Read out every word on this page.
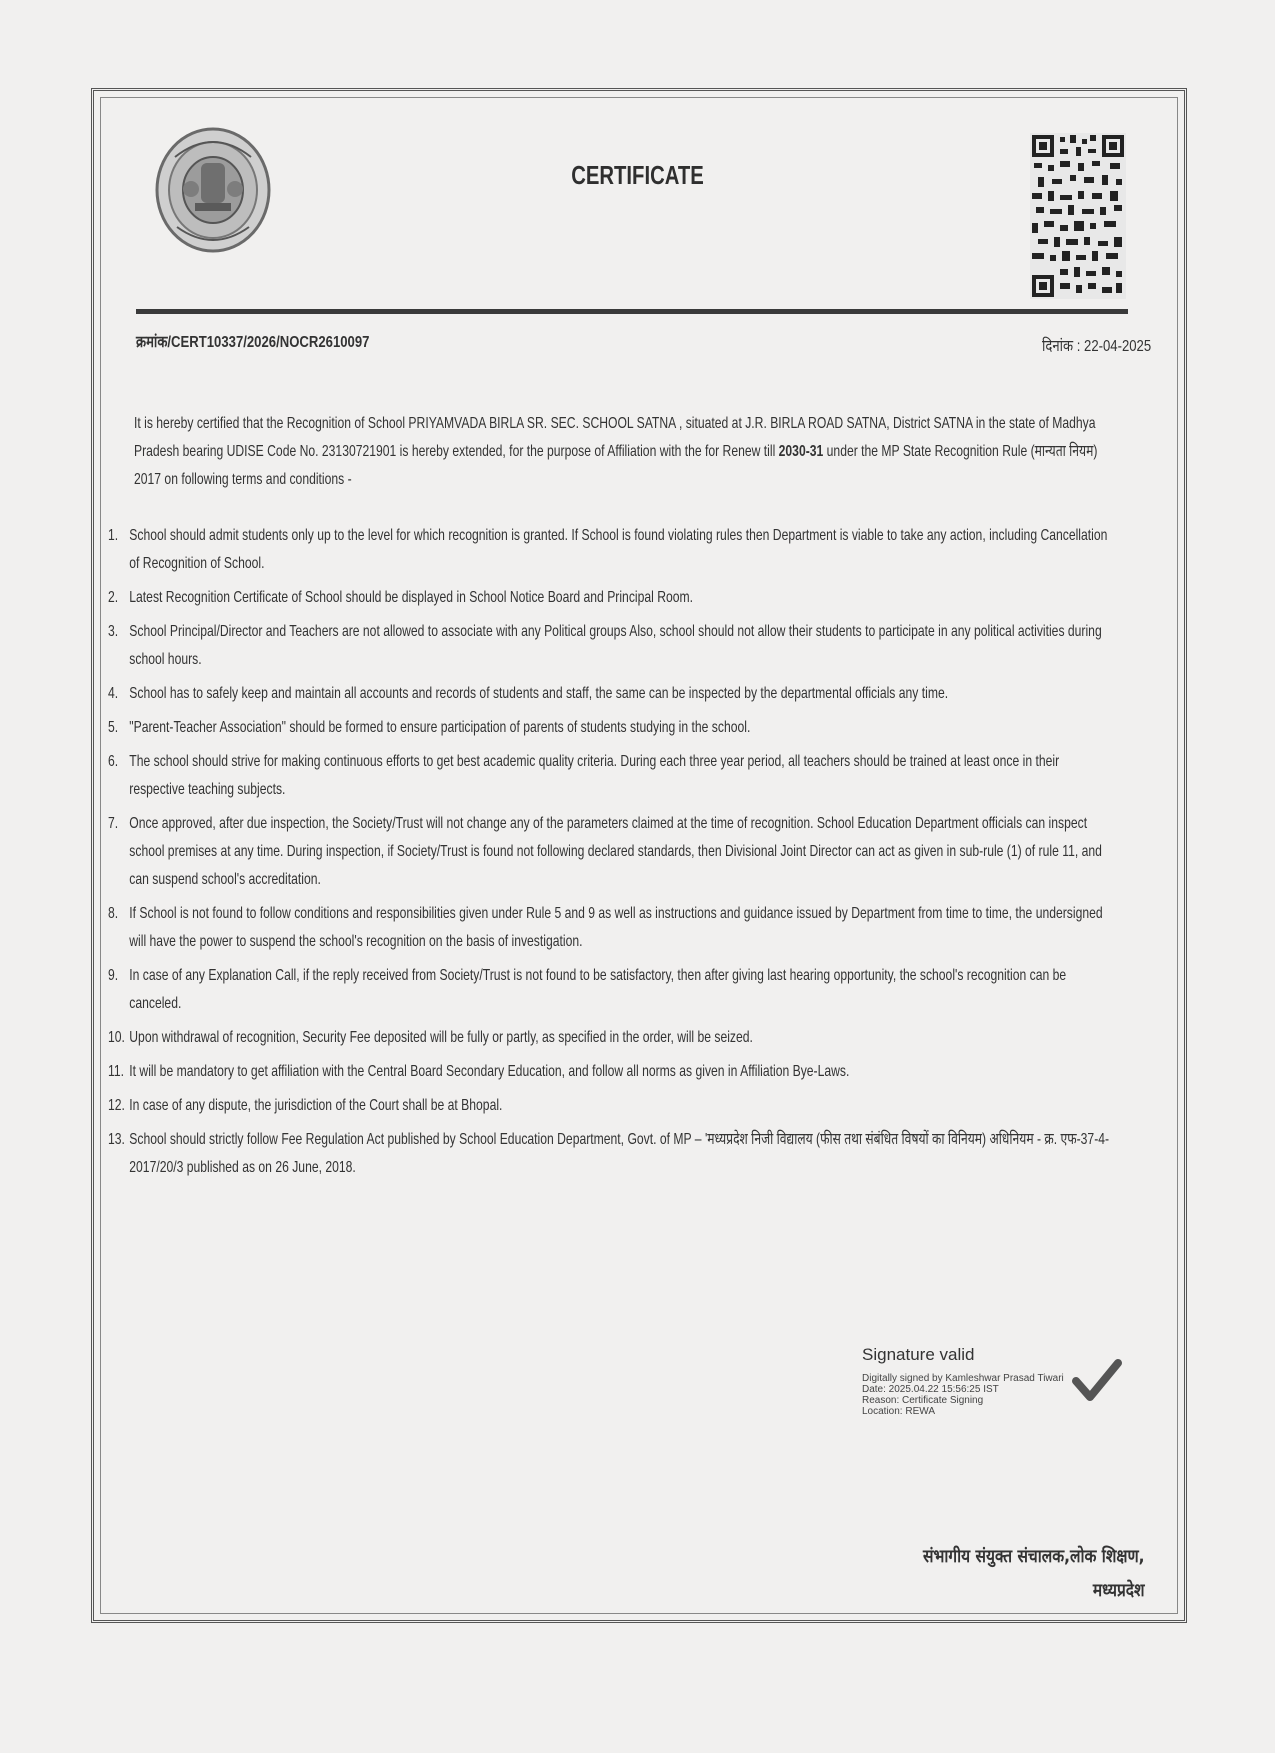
CERTIFICATE
क्रमांक/CERT10337/2026/NOCR2610097	दिनांक : 22-04-2025
It is hereby certified that the Recognition of School PRIYAMVADA BIRLA SR. SEC. SCHOOL SATNA , situated at J.R. BIRLA ROAD SATNA, District SATNA in the state of Madhya Pradesh bearing UDISE Code No. 23130721901 is hereby extended, for the purpose of Affiliation with the for Renew till 2030-31 under the MP State Recognition Rule (मान्यता नियम) 2017 on following terms and conditions -
1. School should admit students only up to the level for which recognition is granted. If School is found violating rules then Department is viable to take any action, including Cancellation of Recognition of School.
2. Latest Recognition Certificate of School should be displayed in School Notice Board and Principal Room.
3. School Principal/Director and Teachers are not allowed to associate with any Political groups Also, school should not allow their students to participate in any political activities during school hours.
4. School has to safely keep and maintain all accounts and records of students and staff, the same can be inspected by the departmental officials any time.
5. "Parent-Teacher Association" should be formed to ensure participation of parents of students studying in the school.
6. The school should strive for making continuous efforts to get best academic quality criteria. During each three year period, all teachers should be trained at least once in their respective teaching subjects.
7. Once approved, after due inspection, the Society/Trust will not change any of the parameters claimed at the time of recognition. School Education Department officials can inspect school premises at any time. During inspection, if Society/Trust is found not following declared standards, then Divisional Joint Director can act as given in sub-rule (1) of rule 11, and can suspend school's accreditation.
8. If School is not found to follow conditions and responsibilities given under Rule 5 and 9 as well as instructions and guidance issued by Department from time to time, the undersigned will have the power to suspend the school's recognition on the basis of investigation.
9. In case of any Explanation Call, if the reply received from Society/Trust is not found to be satisfactory, then after giving last hearing opportunity, the school's recognition can be canceled.
10. Upon withdrawal of recognition, Security Fee deposited will be fully or partly, as specified in the order, will be seized.
11. It will be mandatory to get affiliation with the Central Board Secondary Education, and follow all norms as given in Affiliation Bye-Laws.
12. In case of any dispute, the jurisdiction of the Court shall be at Bhopal.
13. School should strictly follow Fee Regulation Act published by School Education Department, Govt. of MP – 'मध्यप्रदेश निजी विद्यालय (फीस तथा संबंधित विषयों का विनियम) अधिनियम - क्र. एफ-37-4-2017/20/3 published as on 26 June, 2018.

Signature valid

Digitally signed by Kamleshwar Prasad Tiwari
Date: 2025.04.22 15:56:25 IST
Reason: Certificate Signing
Location: REWA
संभागीय संयुक्त संचालक,लोक शिक्षण,
मध्यप्रदेश
